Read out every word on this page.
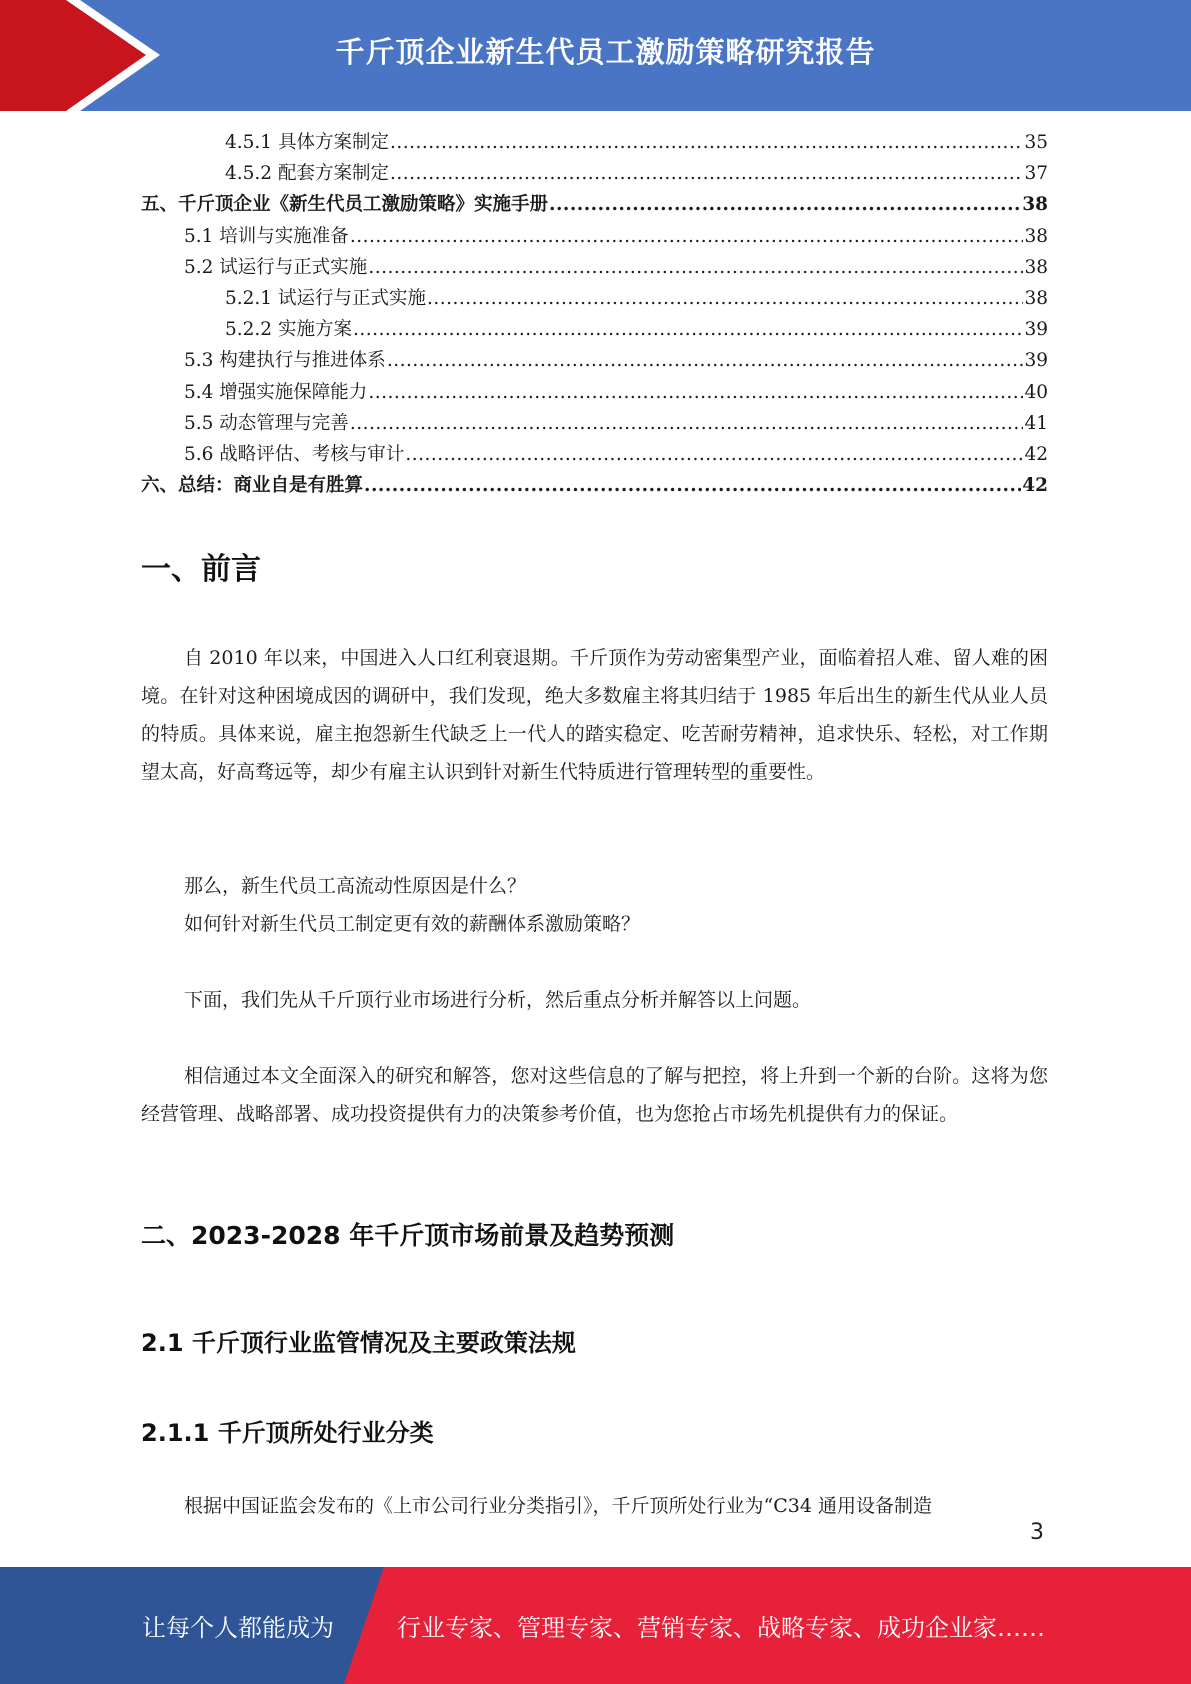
千斤顶企业新生代员工激励策略研究报告
4.5.1 具体方案制定 .....	35
4.5.2 配套方案制定 .....	37
五、千斤顶企业《新生代员工激励策略》实施手册 .....	38
5.1 培训与实施准备 .....	38
5.2 试运行与正式实施 .....	38
5.2.1 试运行与正式实施 .....	38
5.2.2 实施方案 .....	39
5.3 构建执行与推进体系 .....	39
5.4 增强实施保障能力 .....	40
5.5 动态管理与完善 .....	41
5.6 战略评估、考核与审计 .....	42
六、总结：商业自是有胜算 .....	42
一、前言
自 2010 年以来，中国进入人口红利衰退期。千斤顶作为劳动密集型产业，面临着招人难、留人难的困境。在针对这种困境成因的调研中，我们发现，绝大多数雇主将其归结于 1985 年后出生的新生代从业人员的特质。具体来说，雇主抱怨新生代缺乏上一代人的踏实稳定、吃苦耐劳精神，追求快乐、轻松，对工作期望太高，好高骛远等，却少有雇主认识到针对新生代特质进行管理转型的重要性。
那么，新生代员工高流动性原因是什么？
如何针对新生代员工制定更有效的薪酬体系激励策略？
下面，我们先从千斤顶行业市场进行分析，然后重点分析并解答以上问题。
相信通过本文全面深入的研究和解答，您对这些信息的了解与把控，将上升到一个新的台阶。这将为您经营管理、战略部署、成功投资提供有力的决策参考价值，也为您抢占市场先机提供有力的保证。
二、2023-2028 年千斤顶市场前景及趋势预测
2.1 千斤顶行业监管情况及主要政策法规
2.1.1 千斤顶所处行业分类
根据中国证监会发布的《上市公司行业分类指引》，千斤顶所处行业为“C34 通用设备制造
3
让每个人都能成为	行业专家、管理专家、营销专家、战略专家、成功企业家……
